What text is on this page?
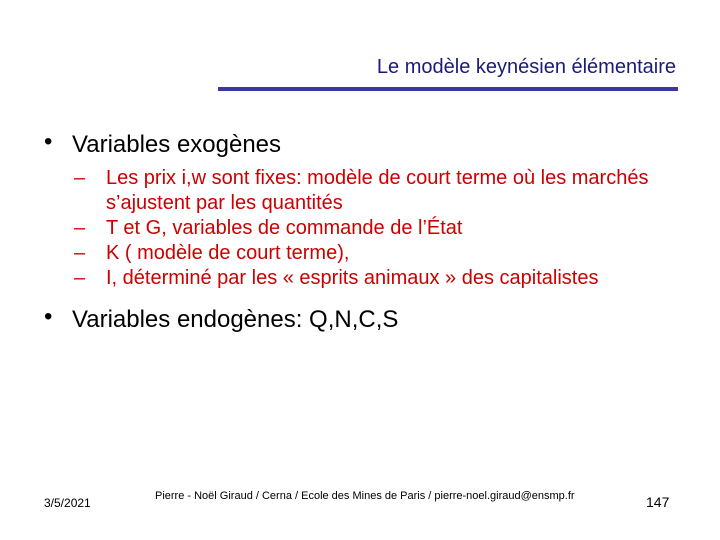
Le modèle keynésien élémentaire
• Variables exogènes
– Les prix i,w sont fixes: modèle de court terme où les marchés s’ajustent par les quantités
– T et G, variables de commande de l’État
– K ( modèle de court terme),
– I, déterminé par les « esprits animaux » des capitalistes
• Variables endogènes: Q,N,C,S
3/5/2021	Pierre - Noël Giraud / Cerna / Ecole des Mines de Paris / pierre-noel.giraud@ensmp.fr	147
